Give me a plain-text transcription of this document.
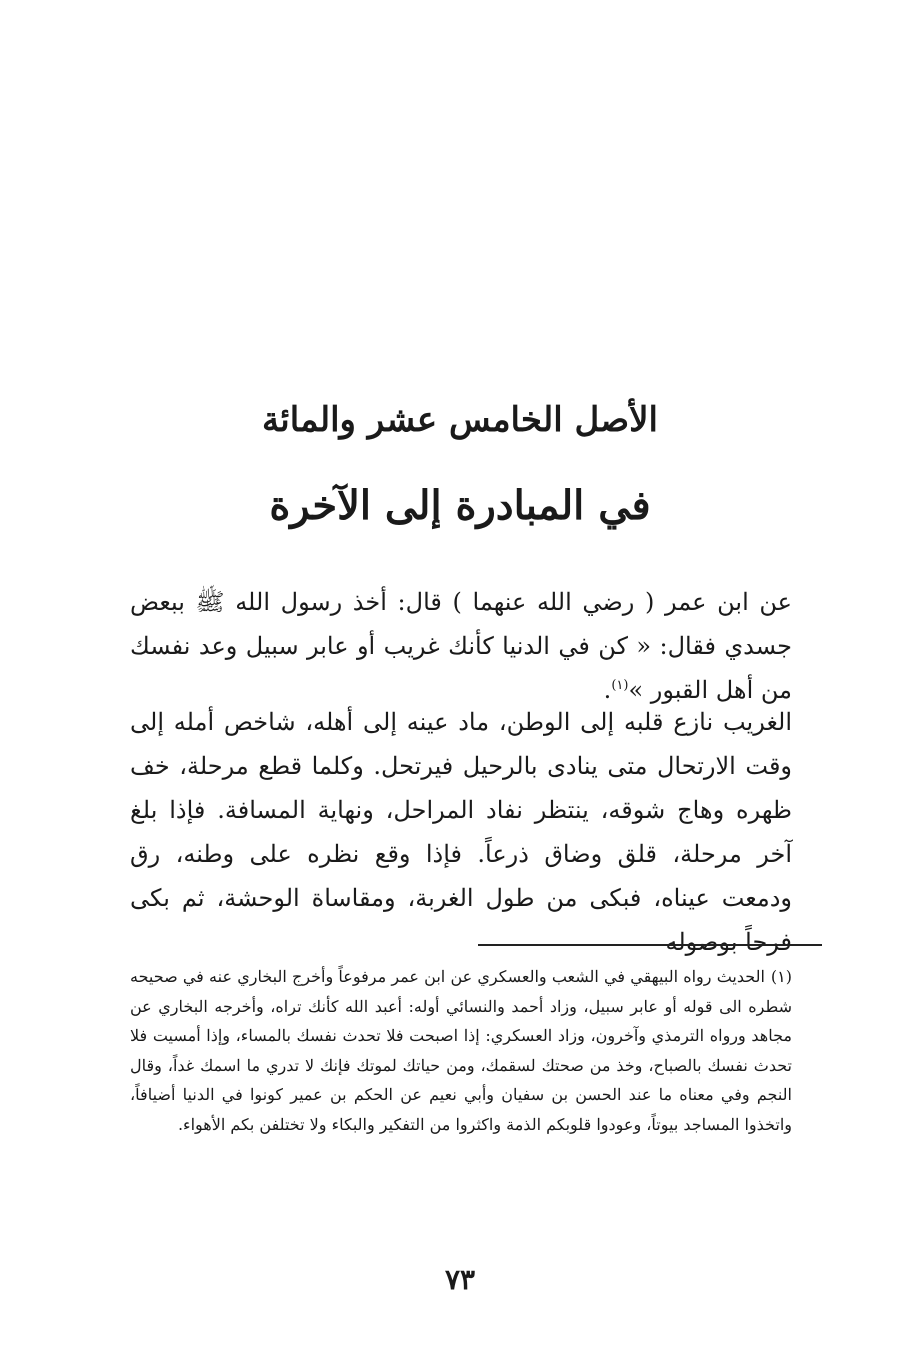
الأصل الخامس عشر والمائة
في المبادرة إلى الآخرة

عن ابن عمر ( رضي الله عنهما ) قال: أخذ رسول الله ﷺ ببعض جسدي فقال: « كن في الدنيا كأنك غريب أو عابر سبيل وعد نفسك من أهل القبور »$^{(١)}$.

الغريب نازع قلبه إلى الوطن، ماد عينه إلى أهله، شاخص أمله إلى وقت الارتحال متى ينادى بالرحيل فيرتحل. وكلما قطع مرحلة، خف ظهره وهاج شوقه، ينتظر نفاد المراحل، ونهاية المسافة. فإذا بلغ آخر مرحلة، قلق وضاق ذرعاً. فإذا وقع نظره على وطنه، رق ودمعت عيناه، فبكى من طول الغربة، ومقاساة الوحشة، ثم بكى فرحاً بوصوله

(١)الحديث رواه البيهقي في الشعب والعسكري عن ابن عمر مرفوعاً وأخرج البخاري عنه في صحيحه شطره الى قوله أو عابر سبيل، وزاد أحمد والنسائي أوله: أعبد الله كأنك تراه، وأخرجه البخاري عن مجاهد ورواه الترمذي وآخرون، وزاد العسكري: إذا اصبحت فلا تحدث نفسك بالمساء، وإذا أمسيت فلا تحدث نفسك بالصباح، وخذ من صحتك لسقمك، ومن حياتك لموتك فإنك لا تدري ما اسمك غداً، وقال النجم وفي معناه ما عند الحسن بن سفيان وأبي نعيم عن الحكم بن عمير كونوا في الدنيا أضيافاً، واتخذوا المساجد بيوتاً، وعودوا قلوبكم الذمة واكثروا من التفكير والبكاء ولا تختلفن بكم الأهواء.
٧٣
